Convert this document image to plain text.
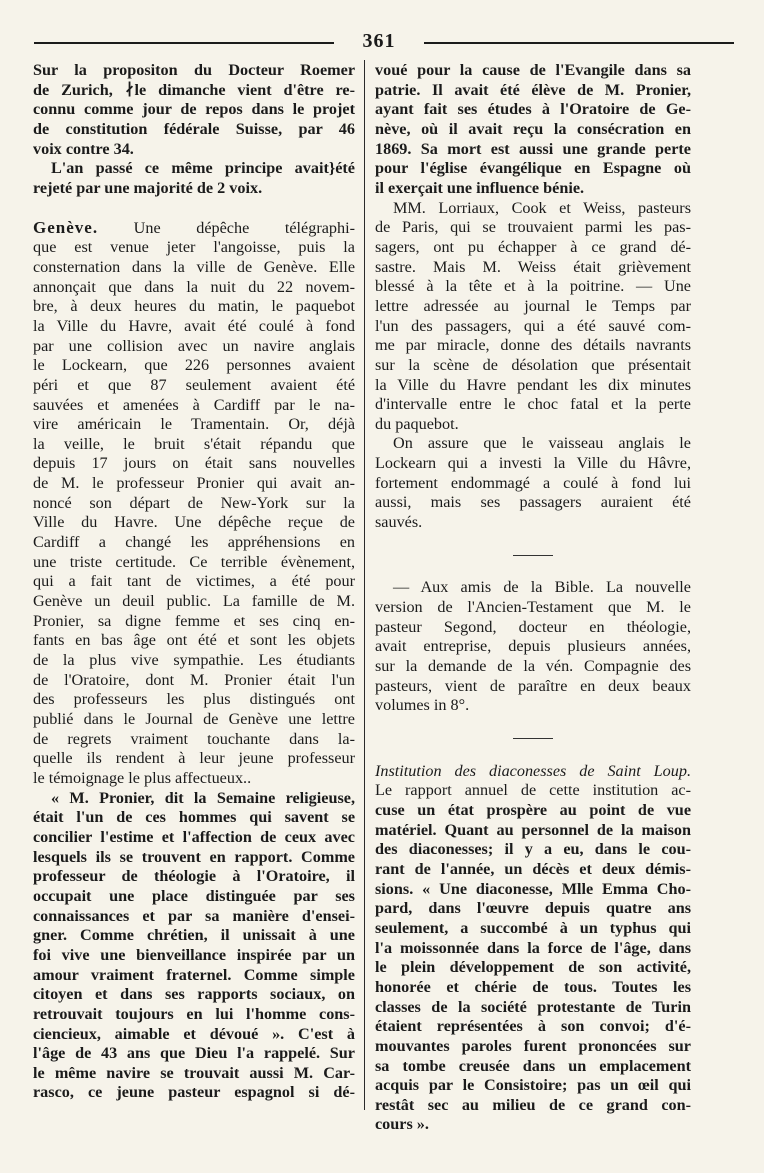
361
Sur la propositon du Docteur Roemer
de Zurich, ∤le dimanche vient d'être re-
connu comme jour de repos dans le projet
de constitution fédérale Suisse, par 46
voix contre 34.
L'an passé ce même principe avait}été
rejeté par une majorité de 2 voix.
Genève. Une dépêche télégraphi-
que est venue jeter l'angoisse, puis la
consternation dans la ville de Genève. Elle
annonçait que dans la nuit du 22 novem-
bre, à deux heures du matin, le paquebot
la Ville du Havre, avait été coulé à fond
par une collision avec un navire anglais
le Lockearn, que 226 personnes avaient
péri et que 87 seulement avaient été
sauvées et amenées à Cardiff par le na-
vire américain le Tramentain. Or, déjà
la veille, le bruit s'était répandu que
depuis 17 jours on était sans nouvelles
de M. le professeur Pronier qui avait an-
noncé son départ de New-York sur la
Ville du Havre. Une dépêche reçue de
Cardiff a changé les appréhensions en
une triste certitude. Ce terrible évènement,
qui a fait tant de victimes, a été pour
Genève un deuil public. La famille de M.
Pronier, sa digne femme et ses cinq en-
fants en bas âge ont été et sont les objets
de la plus vive sympathie. Les étudiants
de l'Oratoire, dont M. Pronier était l'un
des professeurs les plus distingués ont
publié dans le Journal de Genève une lettre
de regrets vraiment touchante dans la-
quelle ils rendent à leur jeune professeur
le témoignage le plus affectueux..
« M. Pronier, dit la Semaine religieuse,
était l'un de ces hommes qui savent se
concilier l'estime et l'affection de ceux avec
lesquels ils se trouvent en rapport. Comme
professeur de théologie à l'Oratoire, il
occupait une place distinguée par ses
connaissances et par sa manière d'ensei-
gner. Comme chrétien, il unissait à une
foi vive une bienveillance inspirée par un
amour vraiment fraternel. Comme simple
citoyen et dans ses rapports sociaux, on
retrouvait toujours en lui l'homme cons-
ciencieux, aimable et dévoué ». C'est à
l'âge de 43 ans que Dieu l'a rappelé. Sur
le même navire se trouvait aussi M. Car-
rasco, ce jeune pasteur espagnol si dé-
voué pour la cause de l'Evangile dans sa
patrie. Il avait été élève de M. Pronier,
ayant fait ses études à l'Oratoire de Ge-
nève, où il avait reçu la consécration en
1869. Sa mort est aussi une grande perte
pour l'église évangélique en Espagne où
il exerçait une influence bénie.
MM. Lorriaux, Cook et Weiss, pasteurs
de Paris, qui se trouvaient parmi les pas-
sagers, ont pu échapper à ce grand dé-
sastre. Mais M. Weiss était grièvement
blessé à la tête et à la poitrine. — Une
lettre adressée au journal le Temps par
l'un des passagers, qui a été sauvé com-
me par miracle, donne des détails navrants
sur la scène de désolation que présentait
la Ville du Havre pendant les dix minutes
d'intervalle entre le choc fatal et la perte
du paquebot.
On assure que le vaisseau anglais le
Lockearn qui a investi la Ville du Hâvre,
fortement endommagé a coulé à fond lui
aussi, mais ses passagers auraient été
sauvés.
— Aux amis de la Bible. La nouvelle
version de l'Ancien-Testament que M. le
pasteur Segond, docteur en théologie,
avait entreprise, depuis plusieurs années,
sur la demande de la vén. Compagnie des
pasteurs, vient de paraître en deux beaux
volumes in 8°.
Institution des diaconesses de Saint Loup.
Le rapport annuel de cette institution ac-
cuse un état prospère au point de vue
matériel. Quant au personnel de la maison
des diaconesses; il y a eu, dans le cou-
rant de l'année, un décès et deux démis-
sions. « Une diaconesse, Mlle Emma Cho-
pard, dans l'œuvre depuis quatre ans
seulement, a succombé à un typhus qui
l'a moissonnée dans la force de l'âge, dans
le plein développement de son activité,
honorée et chérie de tous. Toutes les
classes de la société protestante de Turin
étaient représentées à son convoi; d'é-
mouvantes paroles furent prononcées sur
sa tombe creusée dans un emplacement
acquis par le Consistoire; pas un œil qui
restât sec au milieu de ce grand con-
cours ».
